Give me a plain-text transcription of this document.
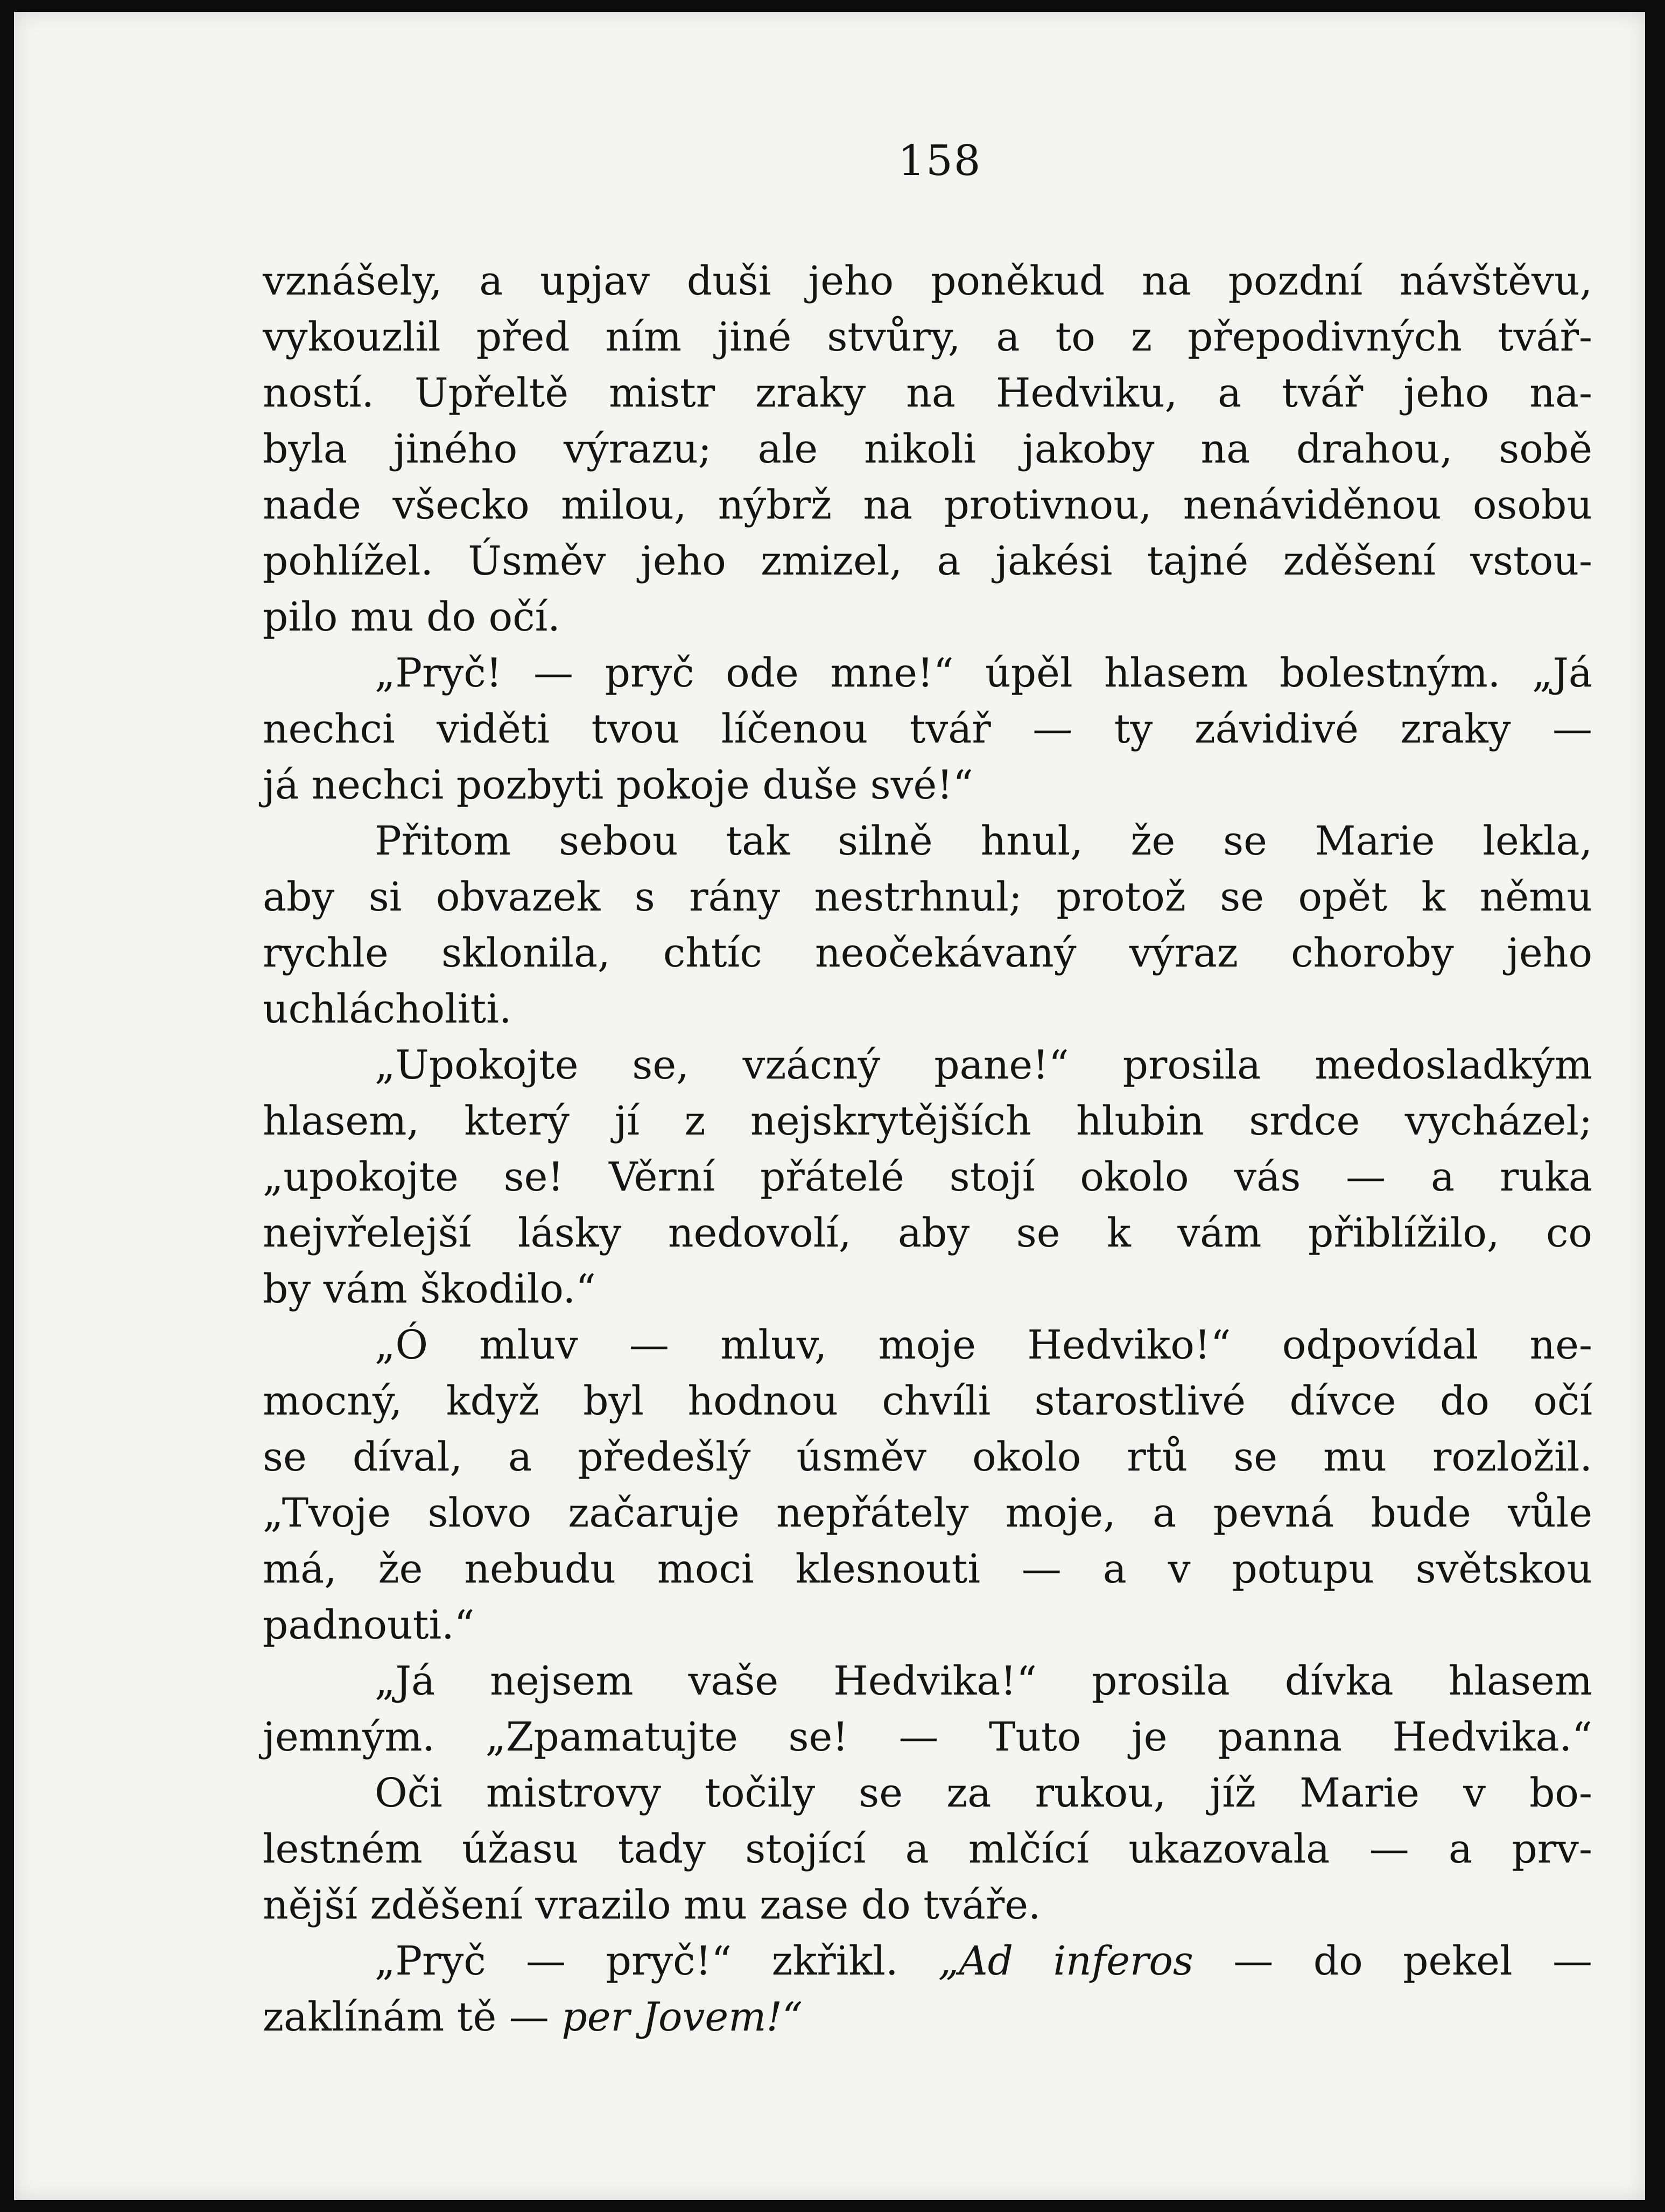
158
vznášely, a upjav duši jeho poněkud na pozdní návštěvu,
vykouzlil před ním jiné stvůry, a to z přepodivných tvář-
ností. Upřeltě mistr zraky na Hedviku, a tvář jeho na-
byla jiného výrazu; ale nikoli jakoby na drahou, sobě
nade všecko milou, nýbrž na protivnou, nenáviděnou osobu
pohlížel. Úsměv jeho zmizel, a jakési tajné zděšení vstou-
pilo mu do očí.
„Pryč! — pryč ode mne!“ úpěl hlasem bolestným. „Já
nechci viděti tvou líčenou tvář — ty závidivé zraky —
já nechci pozbyti pokoje duše své!“
Přitom sebou tak silně hnul, že se Marie lekla,
aby si obvazek s rány nestrhnul; protož se opět k němu
rychle sklonila, chtíc neočekávaný výraz choroby jeho
uchlácholiti.
„Upokojte se, vzácný pane!“ prosila medosladkým
hlasem, který jí z nejskrytějších hlubin srdce vycházel;
„upokojte se! Věrní přátelé stojí okolo vás — a ruka
nejvřelejší lásky nedovolí, aby se k vám přiblížilo, co
by vám škodilo.“
„Ó mluv — mluv, moje Hedviko!“ odpovídal ne-
mocný, když byl hodnou chvíli starostlivé dívce do očí
se díval, a předešlý úsměv okolo rtů se mu rozložil.
„Tvoje slovo začaruje nepřátely moje, a pevná bude vůle
má, že nebudu moci klesnouti — a v potupu světskou
padnouti.“
„Já nejsem vaše Hedvika!“ prosila dívka hlasem
jemným. „Zpamatujte se! — Tuto je panna Hedvika.“
Oči mistrovy točily se za rukou, jíž Marie v bo-
lestném úžasu tady stojící a mlčící ukazovala — a prv-
nější zděšení vrazilo mu zase do tváře.
„Pryč — pryč!“ zkřikl. „Ad inferos — do pekel —
zaklínám tě — per Jovem!“
